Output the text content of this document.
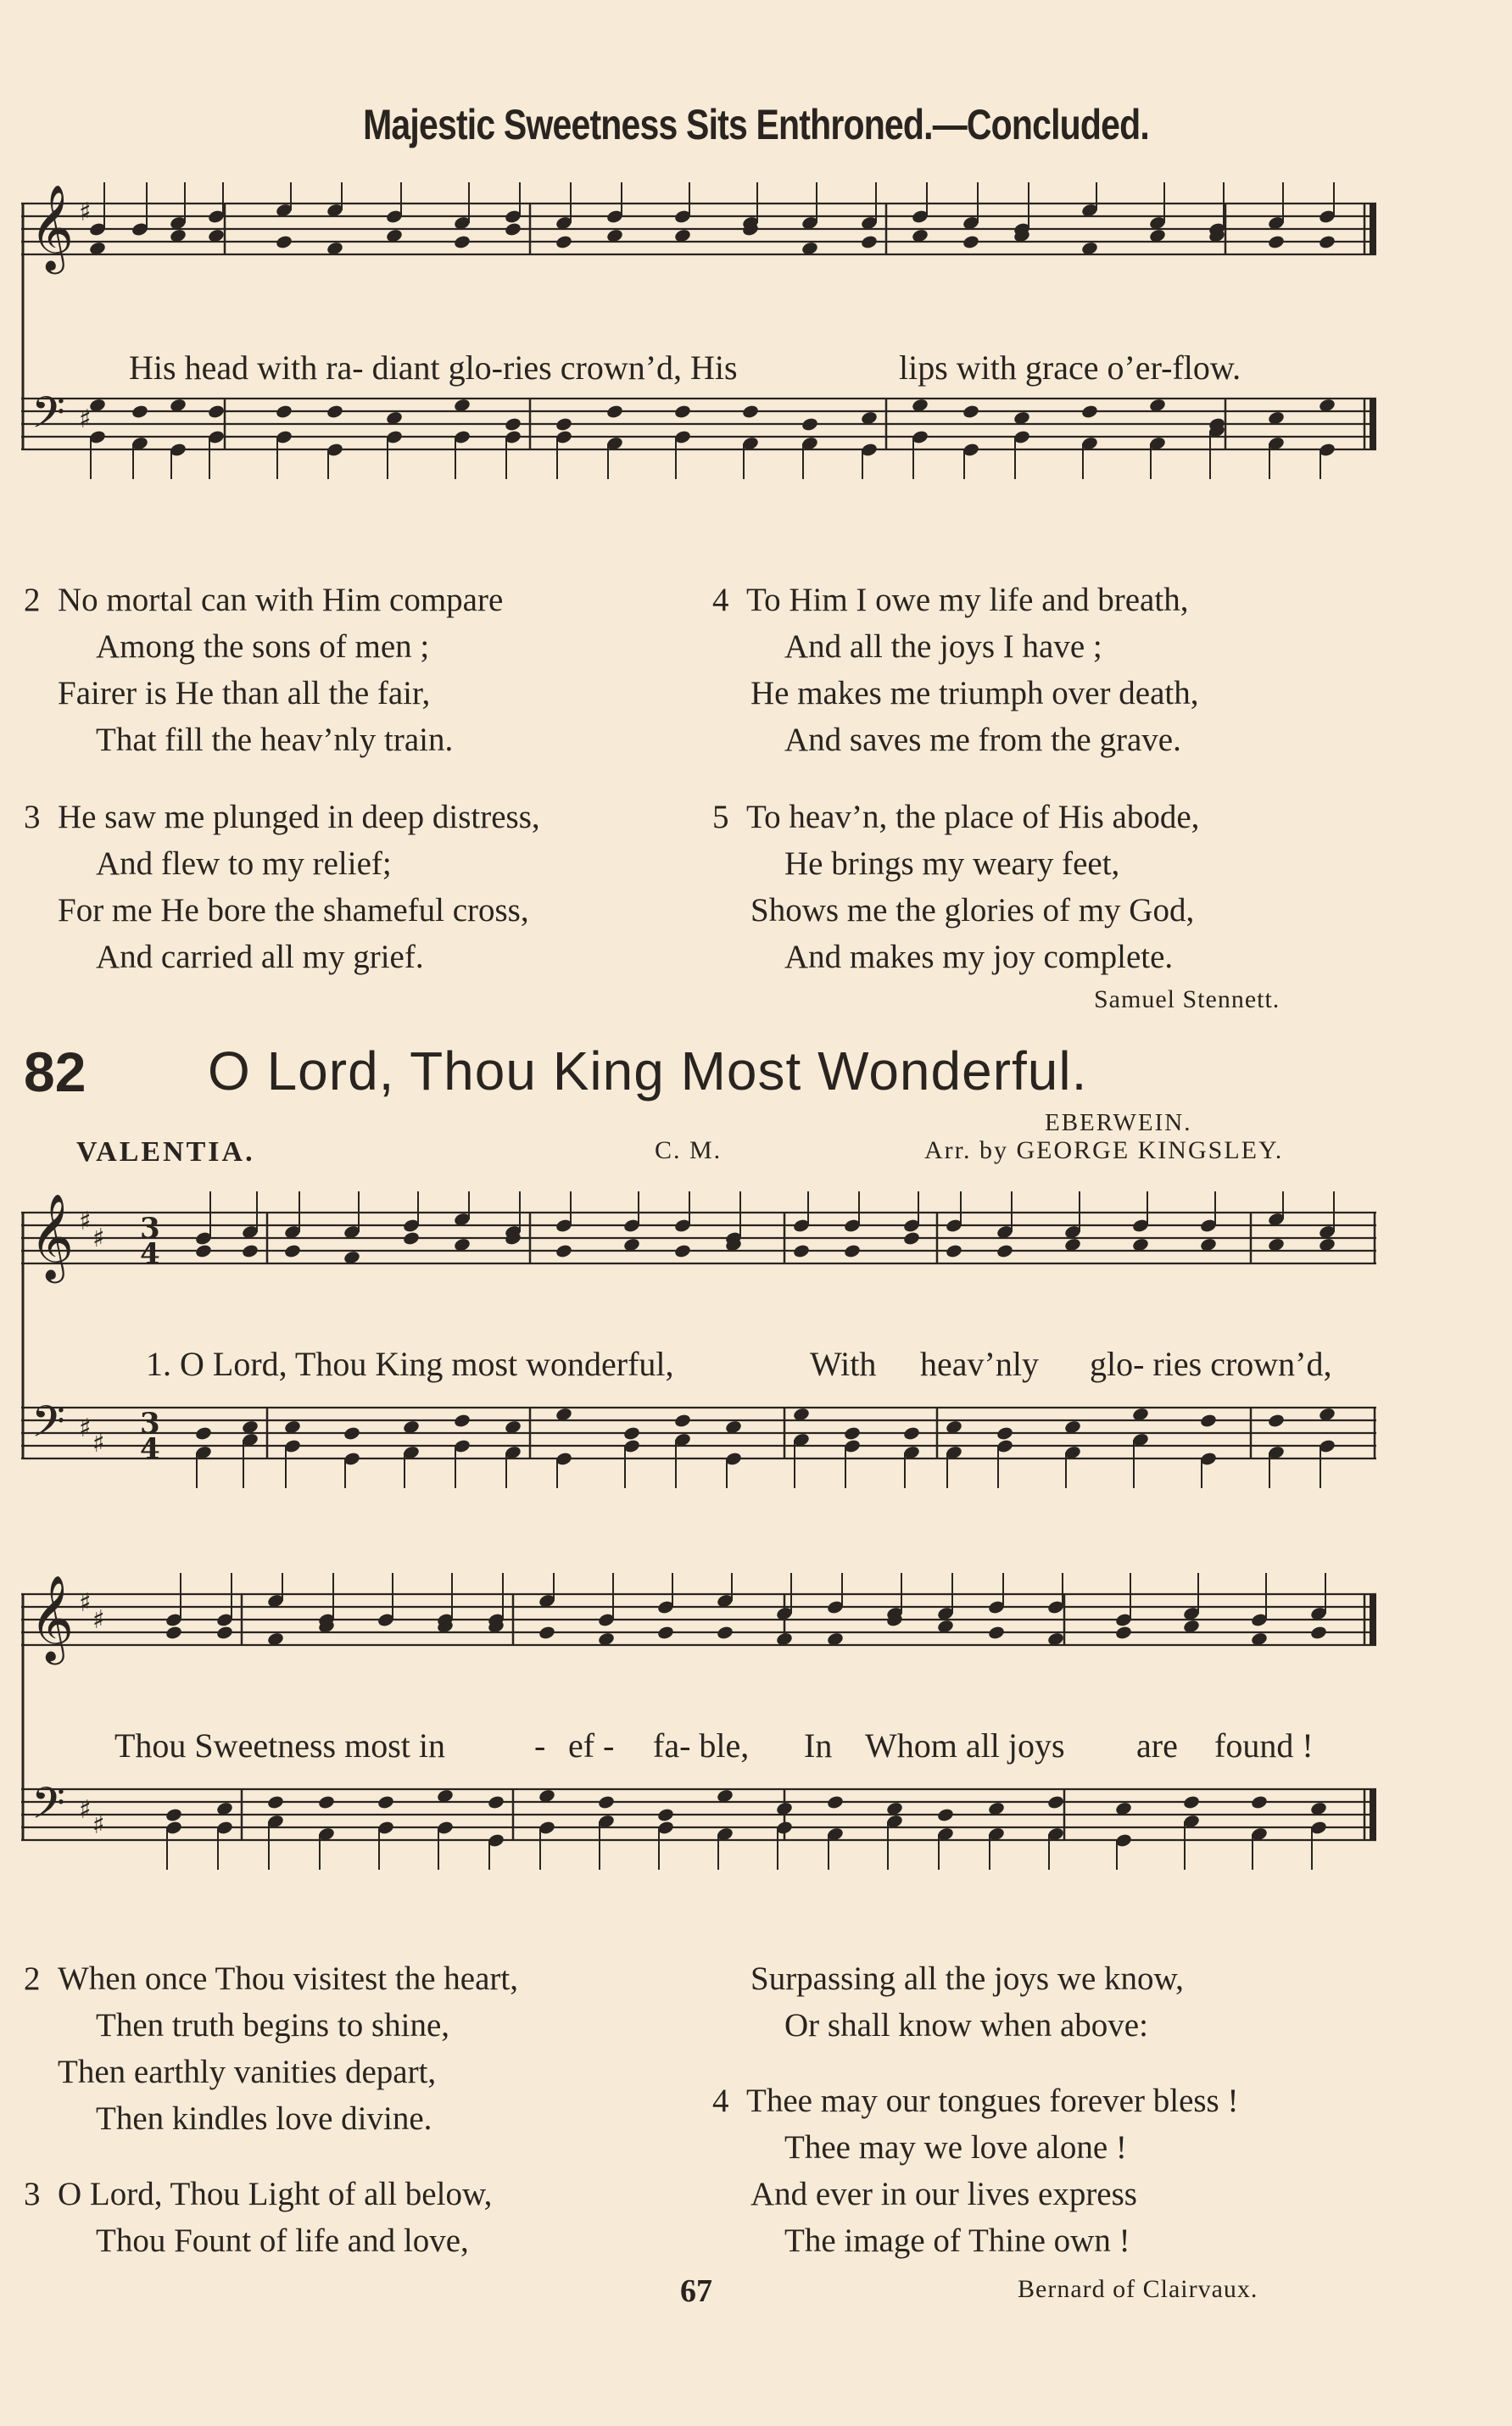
Majestic Sweetness Sits Enthroned.—Concluded.
𝄞
𝄢
♯
♯
His head with ra- diant glo-ries crown’d, His	lips with grace o’er-flow.
2 No mortal can with Him compare
Among the sons of men ;
Fairer is He than all the fair,
That fill the heav’nly train.
3 He saw me plunged in deep distress,
And flew to my relief;
For me He bore the shameful cross,
And carried all my grief.
4 To Him I owe my life and breath,
And all the joys I have ;
He makes me triumph over death,
And saves me from the grave.
5 To heav’n, the place of His abode,
He brings my weary feet,
Shows me the glories of my God,
And makes my joy complete.
Samuel Stennett.
82 O Lord, Thou King Most Wonderful.
EBERWEIN.
VALENTIA.	C. M.	Arr. by GEORGE KINGSLEY.
𝄞
𝄢
♯
♯
♯
♯
3
4
3
4
1. O Lord, Thou King most wonderful,	With heav’nly glo- ries crown’d,
𝄞
𝄢
♯
♯
♯
♯
Thou Sweetness most in	- ef - fa- ble, In Whom all joys are found !
2 When once Thou visitest the heart,
Then truth begins to shine,
Then earthly vanities depart,
Then kindles love divine.
3 O Lord, Thou Light of all below,
Thou Fount of life and love,
Surpassing all the joys we know,
Or shall know when above:
4 Thee may our tongues forever bless !
Thee may we love alone !
And ever in our lives express
The image of Thine own !
67	Bernard of Clairvaux.
